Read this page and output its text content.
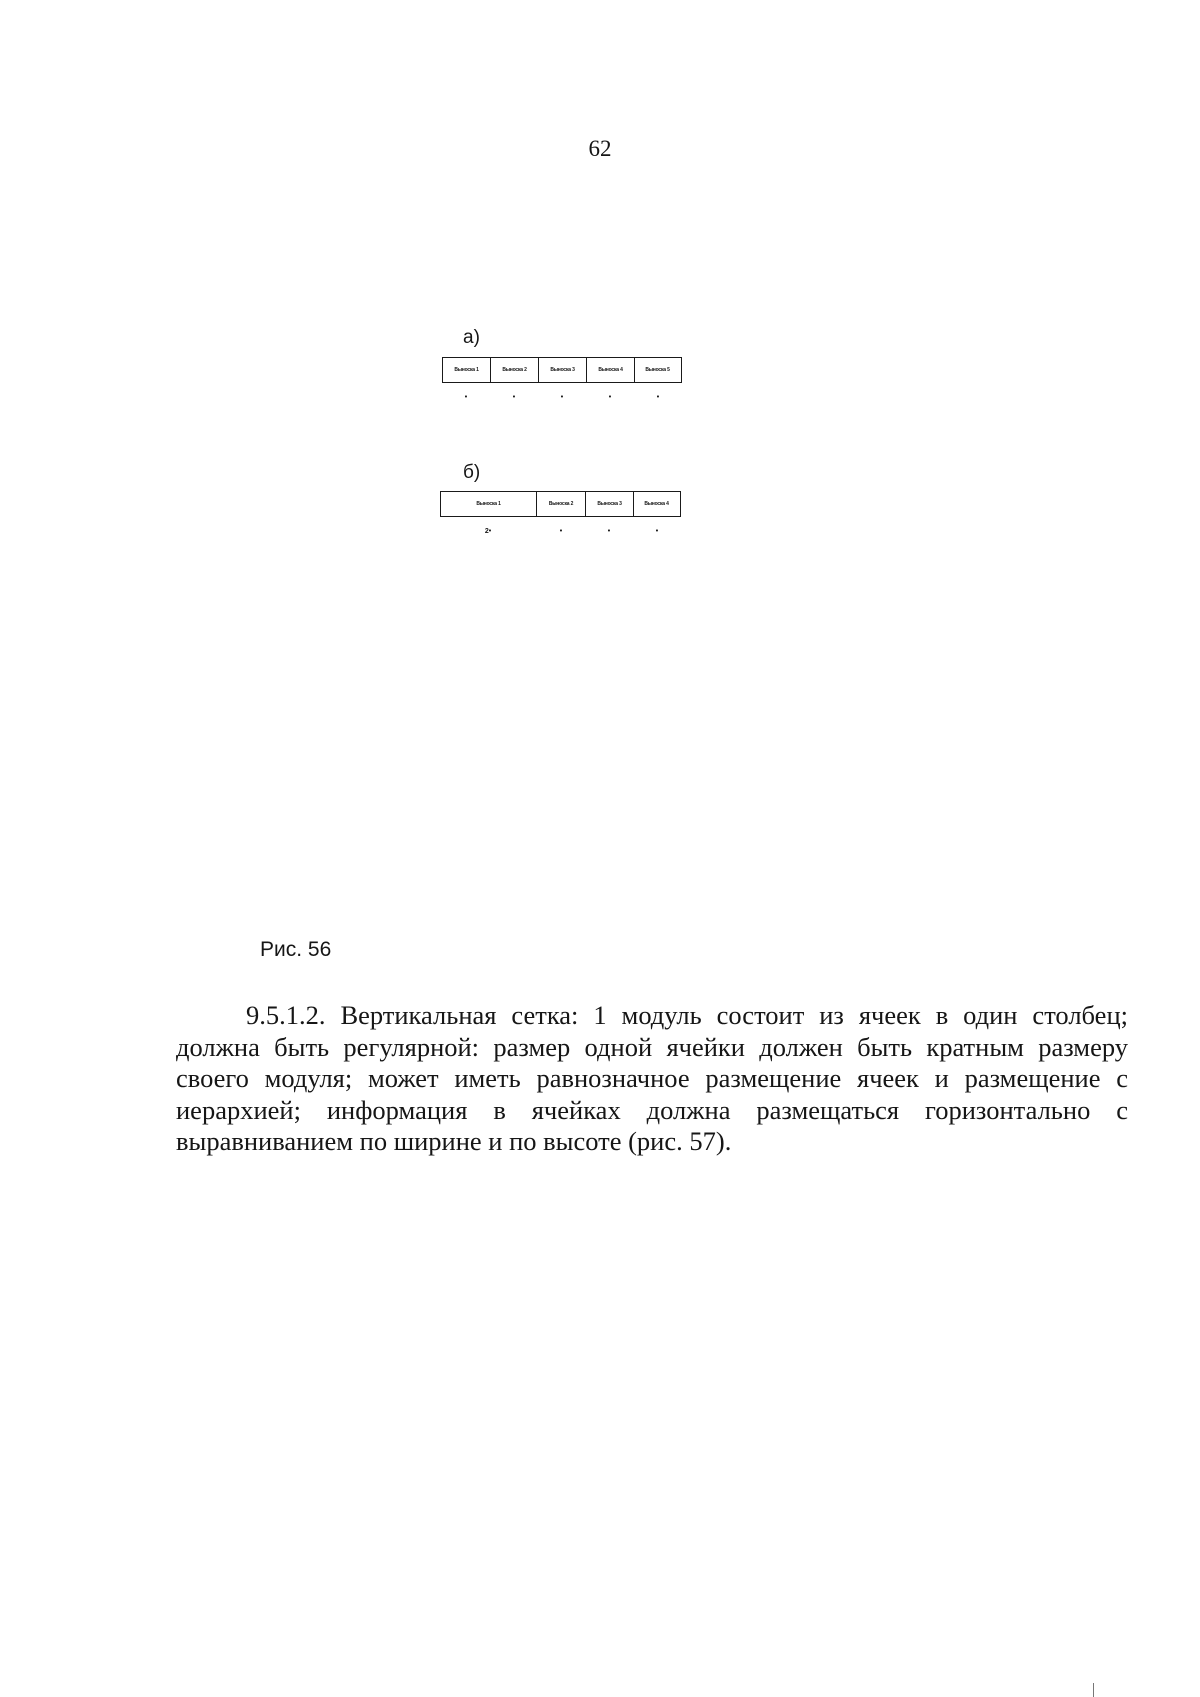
62
а)
Выноска 1	Выноска 2	Выноска 3	Выноска 4	Выноска 5
•	•	•	•	•
б)
Выноска 1	Выноска 2	Выноска 3	Выноска 4
2•	•	•	•
Рис. 56

9.5.1.2. Вертикальная сетка: 1 модуль состоит из ячеек в один столбец; должна быть регулярной: размер одной ячейки должен быть кратным размеру своего модуля; может иметь равнозначное размещение ячеек и размещение с иерархией; информация в ячейках должна размещаться горизонтально с выравниванием по ширине и по высоте (рис. 57).
